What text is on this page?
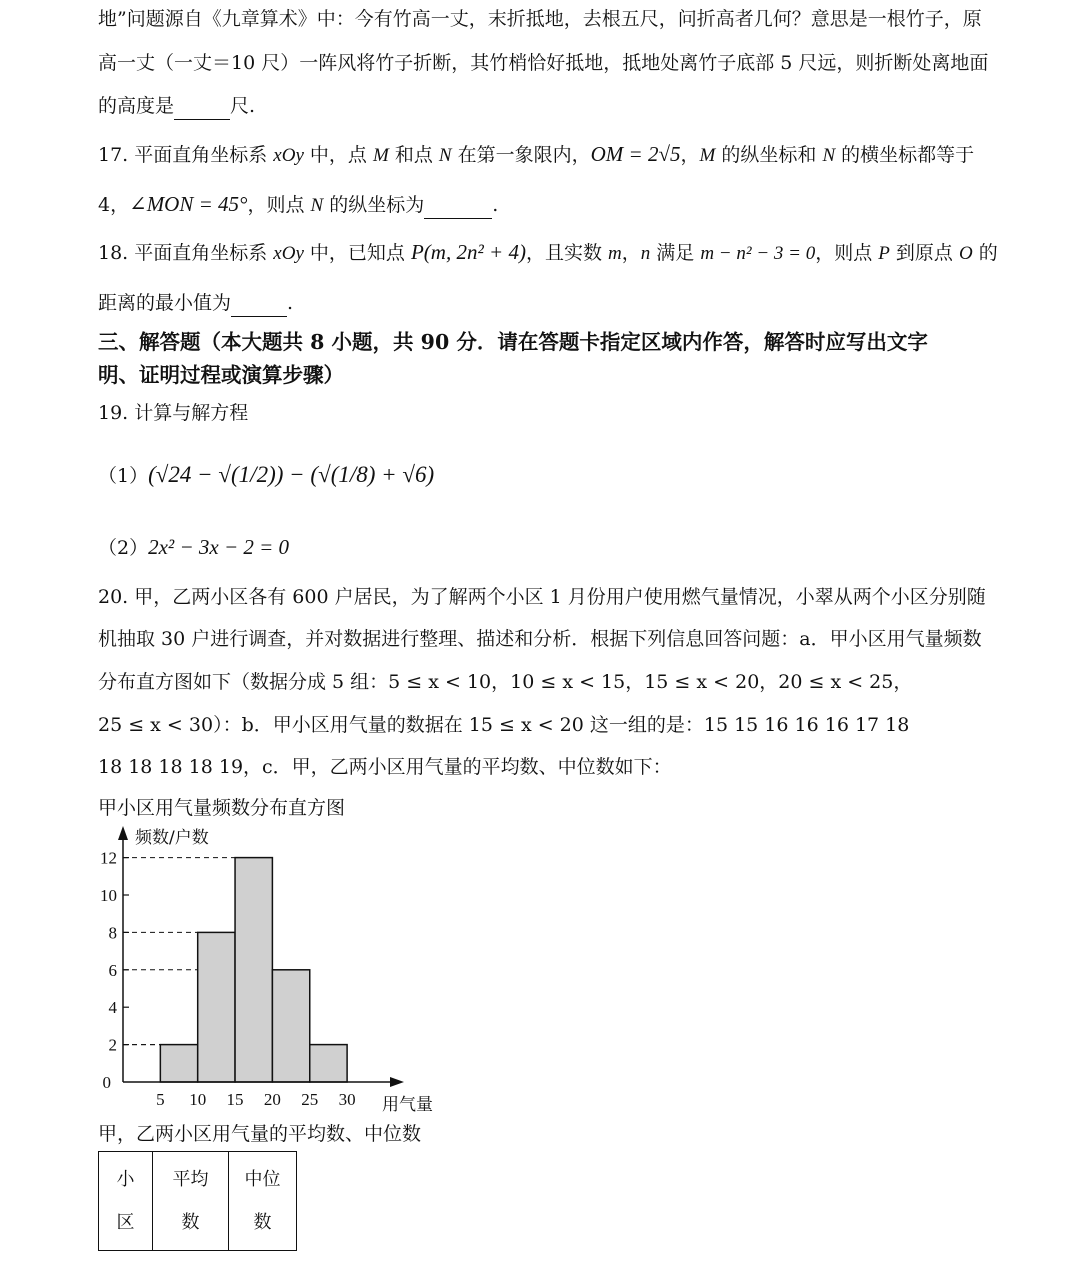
地”问题源自《九章算术》中：今有竹高一丈，末折抵地，去根五尺，问折高者几何？意思是一根竹子，原
高一丈（一丈＝10 尺）一阵风将竹子折断，其竹梢恰好抵地，抵地处离竹子底部 5 尺远，则折断处离地面
的高度是	尺.
17. 平面直角坐标系 xOy 中，点 M 和点 N 在第一象限内，OM = 2√5，M 的纵坐标和 N 的横坐标都等于
4，∠MON = 45°，则点 N 的纵坐标为	.
18. 平面直角坐标系 xOy 中，已知点 P(m, 2n² + 4)，且实数 m，n 满足 m − n² − 3 = 0，则点 P 到原点 O 的
距离的最小值为	.
三、解答题（本大题共 8 小题，共 90 分．请在答题卡指定区域内作答，解答时应写出文字
明、证明过程或演算步骤）
19. 计算与解方程
（1）(√24 − √(1/2)) − (√(1/8) + √6)
（2）2x² − 3x − 2 = 0
20. 甲，乙两小区各有 600 户居民，为了解两个小区 1 月份用户使用燃气量情况，小翠从两个小区分别随
机抽取 30 户进行调查，并对数据进行整理、描述和分析．根据下列信息回答问题：a．甲小区用气量频数
分布直方图如下（数据分成 5 组：5 ≤ x < 10，10 ≤ x < 15，15 ≤ x < 20，20 ≤ x < 25，
25 ≤ x < 30）：b．甲小区用气量的数据在 15 ≤ x < 20 这一组的是：15 15 16 16 16 17 18
18 18 18 18 19，c．甲，乙两小区用气量的平均数、中位数如下：
甲小区用气量频数分布直方图
2
4
6
8
10
12
0
5 10 15 20 25 30
频数/户数
用气量
甲，乙两小区用气量的平均数、中位数
小
区

平均
数

中位
数
